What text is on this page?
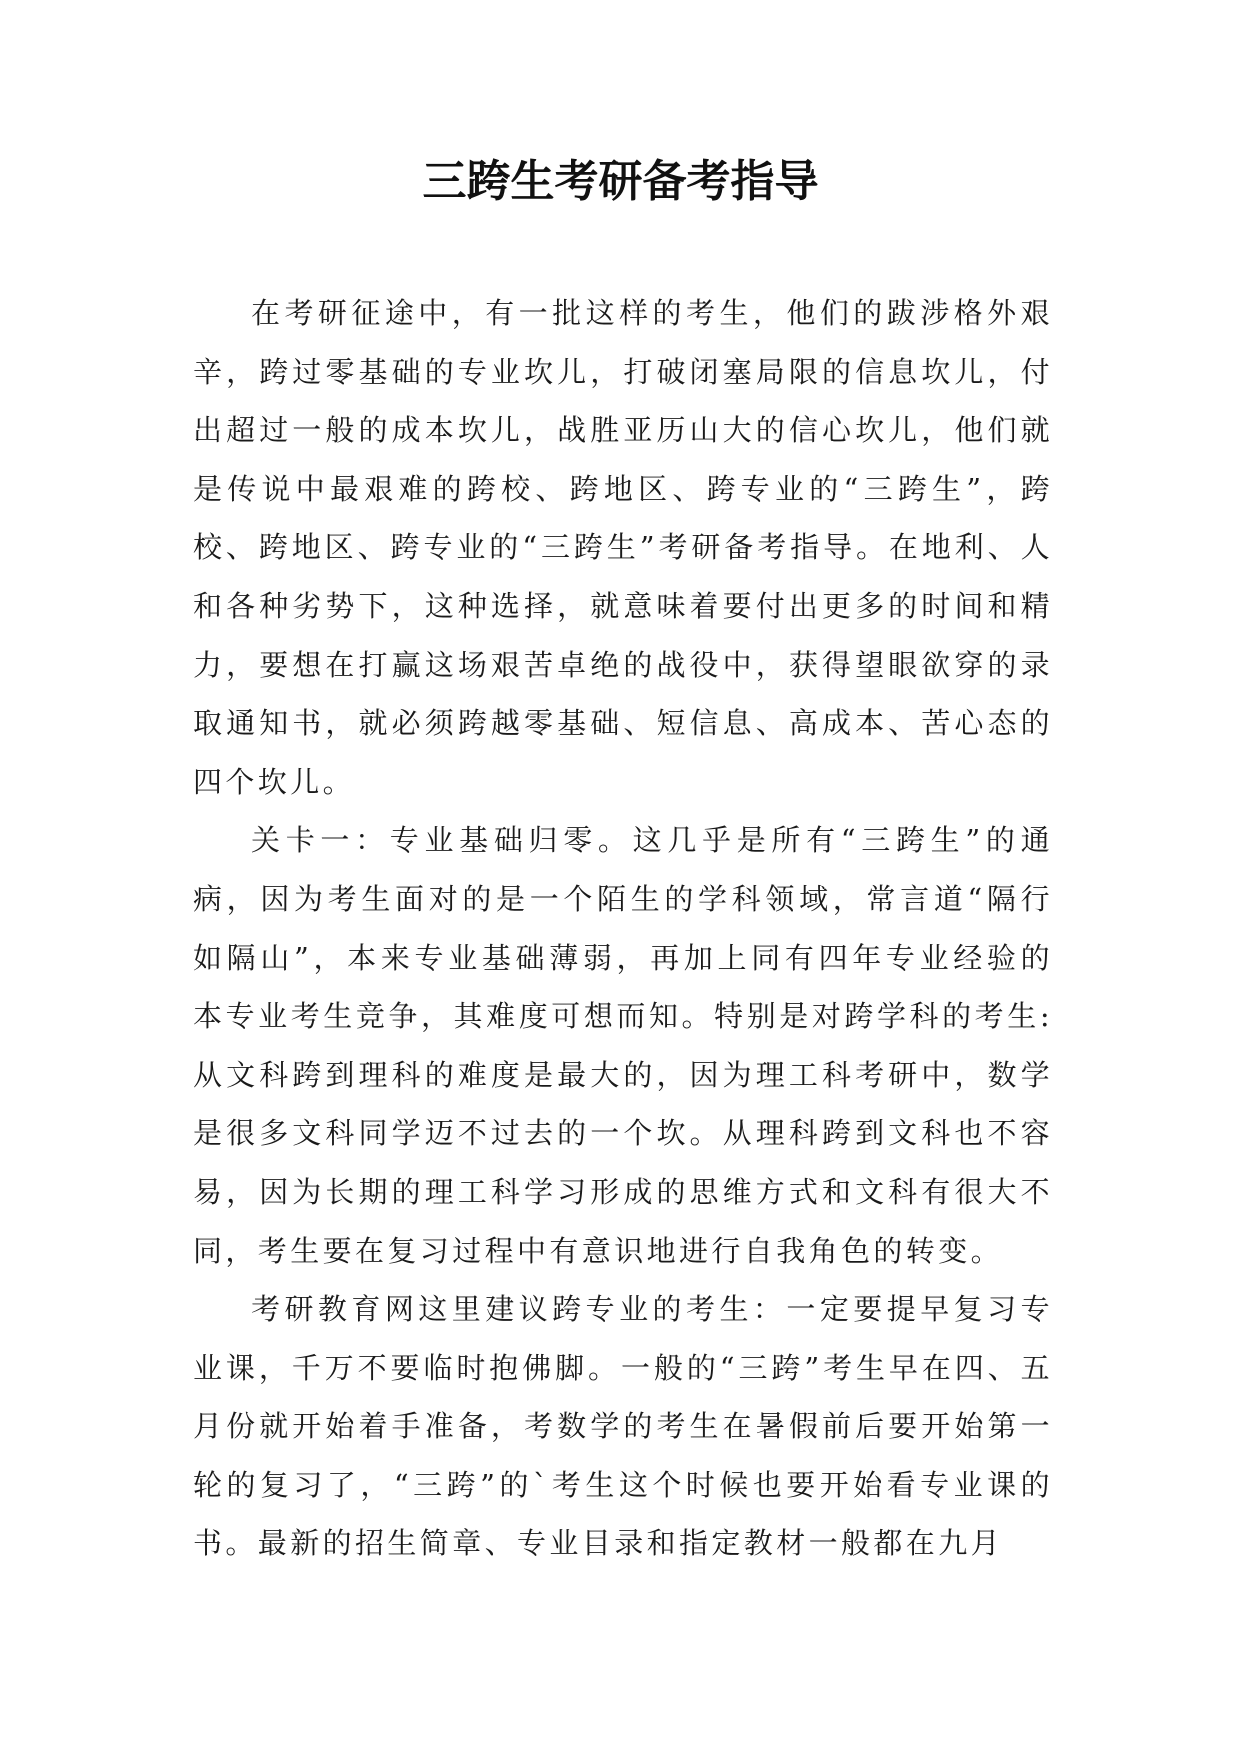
三跨生考研备考指导

在考研征途中，有一批这样的考生，他们的跋涉格外艰辛，跨过零基础的专业坎儿，打破闭塞局限的信息坎儿，付出超过一般的成本坎儿，战胜亚历山大的信心坎儿，他们就是传说中最艰难的跨校、跨地区、跨专业的“三跨生”，跨校、跨地区、跨专业的“三跨生”考研备考指导。在地利、人和各种劣势下，这种选择，就意味着要付出更多的时间和精力，要想在打赢这场艰苦卓绝的战役中，获得望眼欲穿的录取通知书，就必须跨越零基础、短信息、高成本、苦心态的四个坎儿。

关卡一：专业基础归零。这几乎是所有“三跨生”的通病，因为考生面对的是一个陌生的学科领域，常言道“隔行如隔山”，本来专业基础薄弱，再加上同有四年专业经验的本专业考生竞争，其难度可想而知。特别是对跨学科的考生:从文科跨到理科的难度是最大的，因为理工科考研中，数学是很多文科同学迈不过去的一个坎。从理科跨到文科也不容易，因为长期的理工科学习形成的思维方式和文科有很大不同，考生要在复习过程中有意识地进行自我角色的转变。

考研教育网这里建议跨专业的考生：一定要提早复习专业课，千万不要临时抱佛脚。一般的“三跨”考生早在四、五月份就开始着手准备，考数学的考生在暑假前后要开始第一轮的复习了，“三跨”的`考生这个时候也要开始看专业课的书。最新的招生简章、专业目录和指定教材一般都在九月
